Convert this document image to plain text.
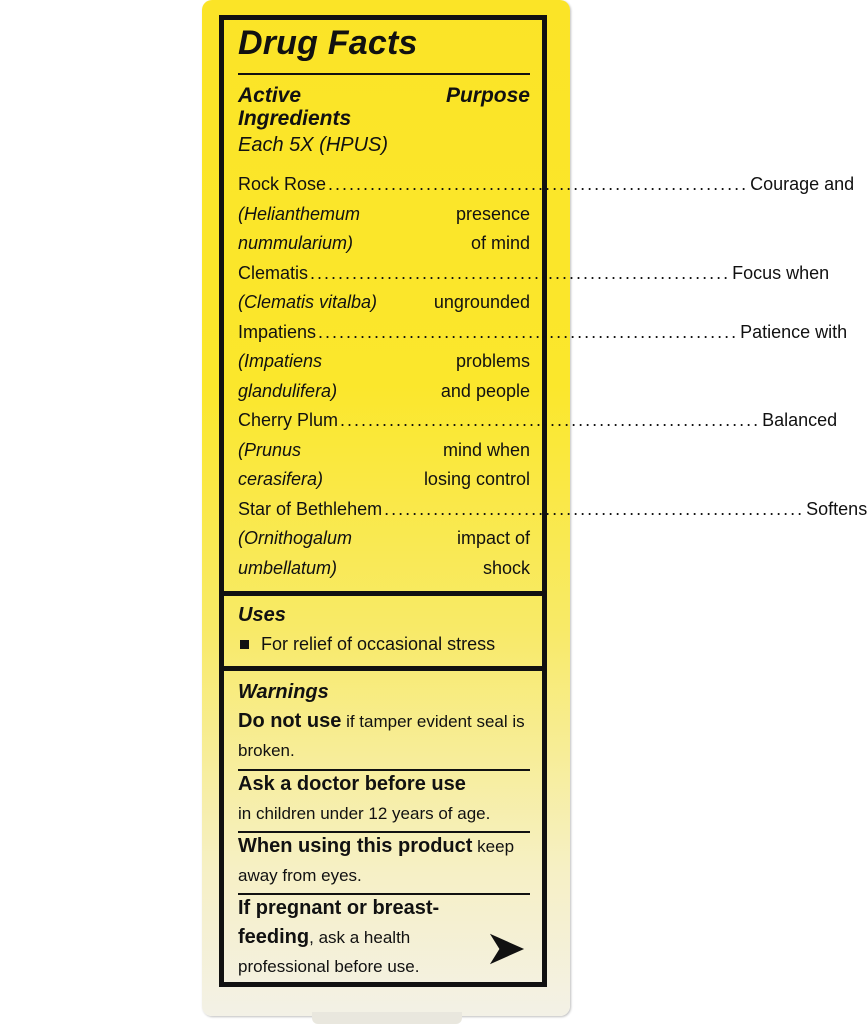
Drug Facts
Active Ingredients
Purpose
Each 5X (HPUS)
Rock Rose ............................................................ Courage and
(Helianthemum	presence
nummularium)	of mind
Clematis ............................................................ Focus when
(Clematis vitalba)	ungrounded
Impatiens ............................................................ Patience with
(Impatiens	problems
glandulifera)	and people
Cherry Plum ............................................................ Balanced
(Prunus	mind when
cerasifera)	losing control
Star of Bethlehem ............................................................ Softens
(Ornithogalum	impact of
umbellatum)	shock
Uses
For relief of occasional stress
Warnings
Do not use if tamper evident seal is broken.
Ask a doctor before use
in children under 12 years of age.
When using this product keep away from eyes.
If pregnant or breast-feeding, ask a health professional before use.
